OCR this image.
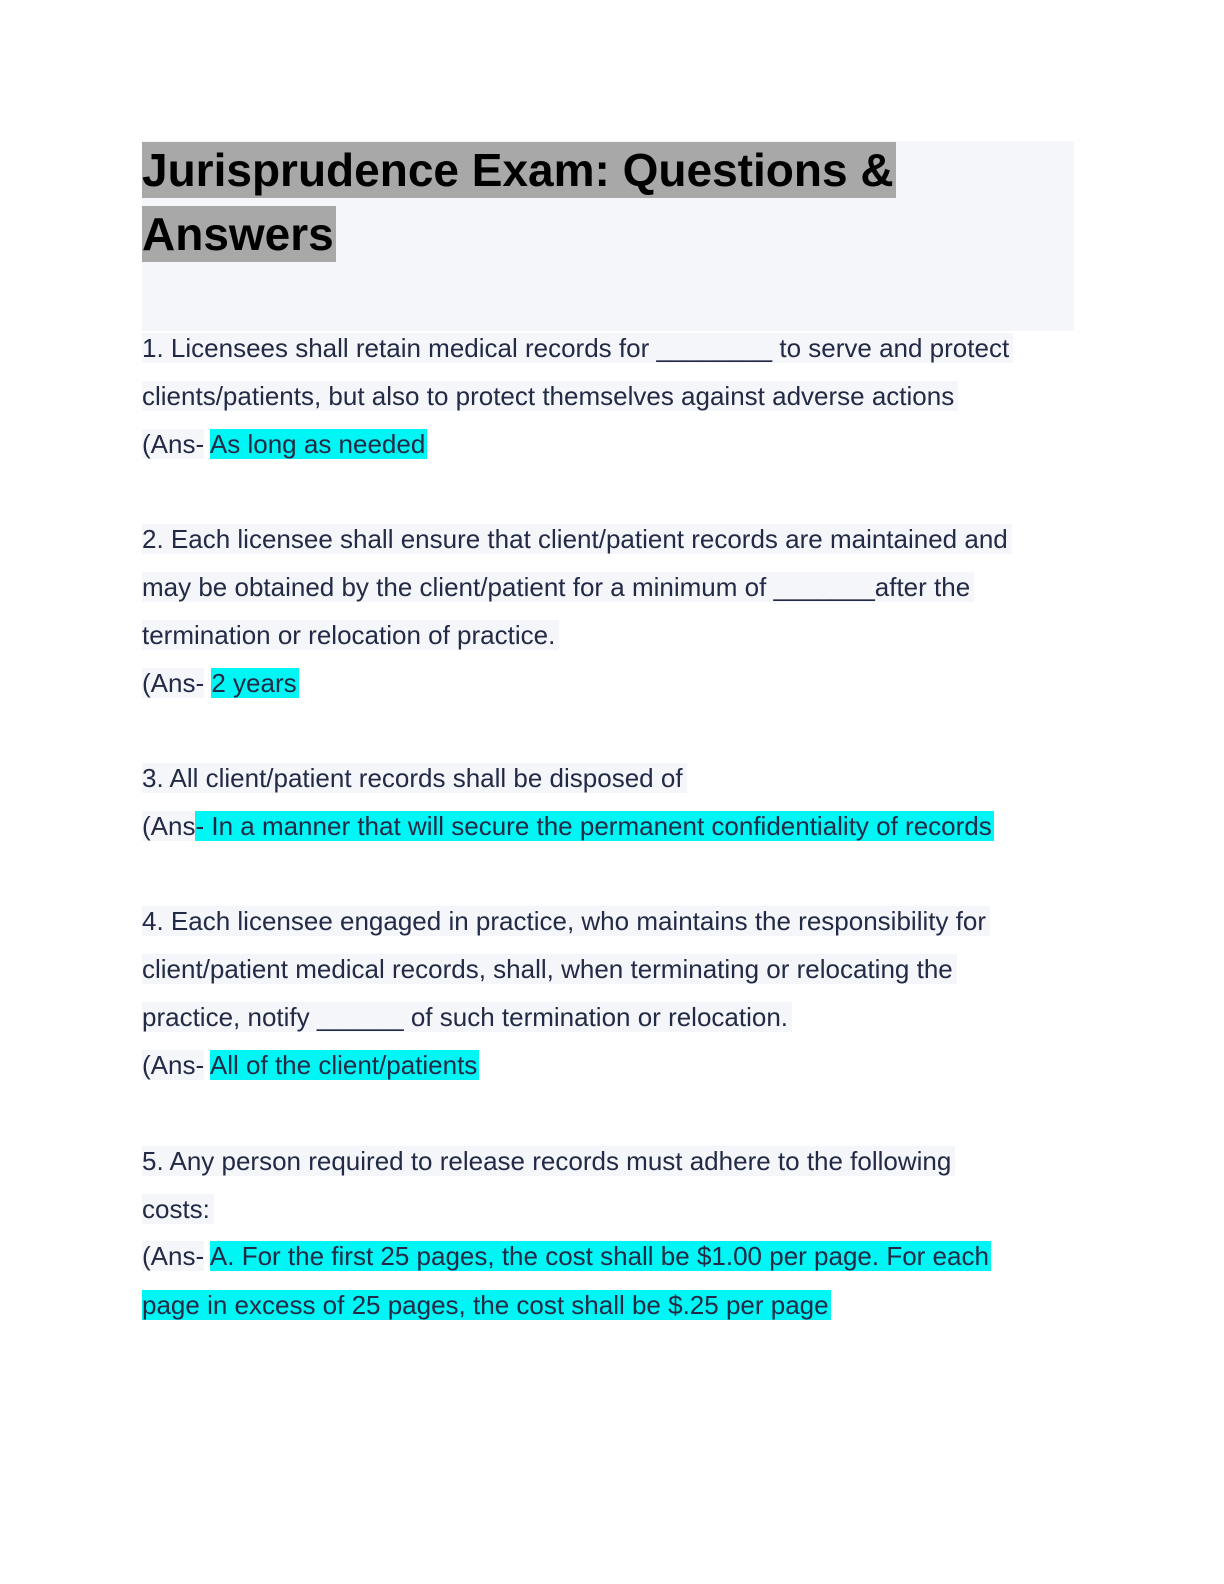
Jurisprudence Exam: Questions &
Answers
1. Licensees shall retain medical records for ________ to serve and protect
clients/patients, but also to protect themselves against adverse actions
(Ans- As long as needed
2. Each licensee shall ensure that client/patient records are maintained and
may be obtained by the client/patient for a minimum of _______after the
termination or relocation of practice.
(Ans- 2 years
3. All client/patient records shall be disposed of
(Ans- In a manner that will secure the permanent confidentiality of records
4. Each licensee engaged in practice, who maintains the responsibility for
client/patient medical records, shall, when terminating or relocating the
practice, notify ______ of such termination or relocation.
(Ans- All of the client/patients
5. Any person required to release records must adhere to the following
costs:
(Ans- A. For the first 25 pages, the cost shall be $1.00 per page. For each
page in excess of 25 pages, the cost shall be $.25 per page
